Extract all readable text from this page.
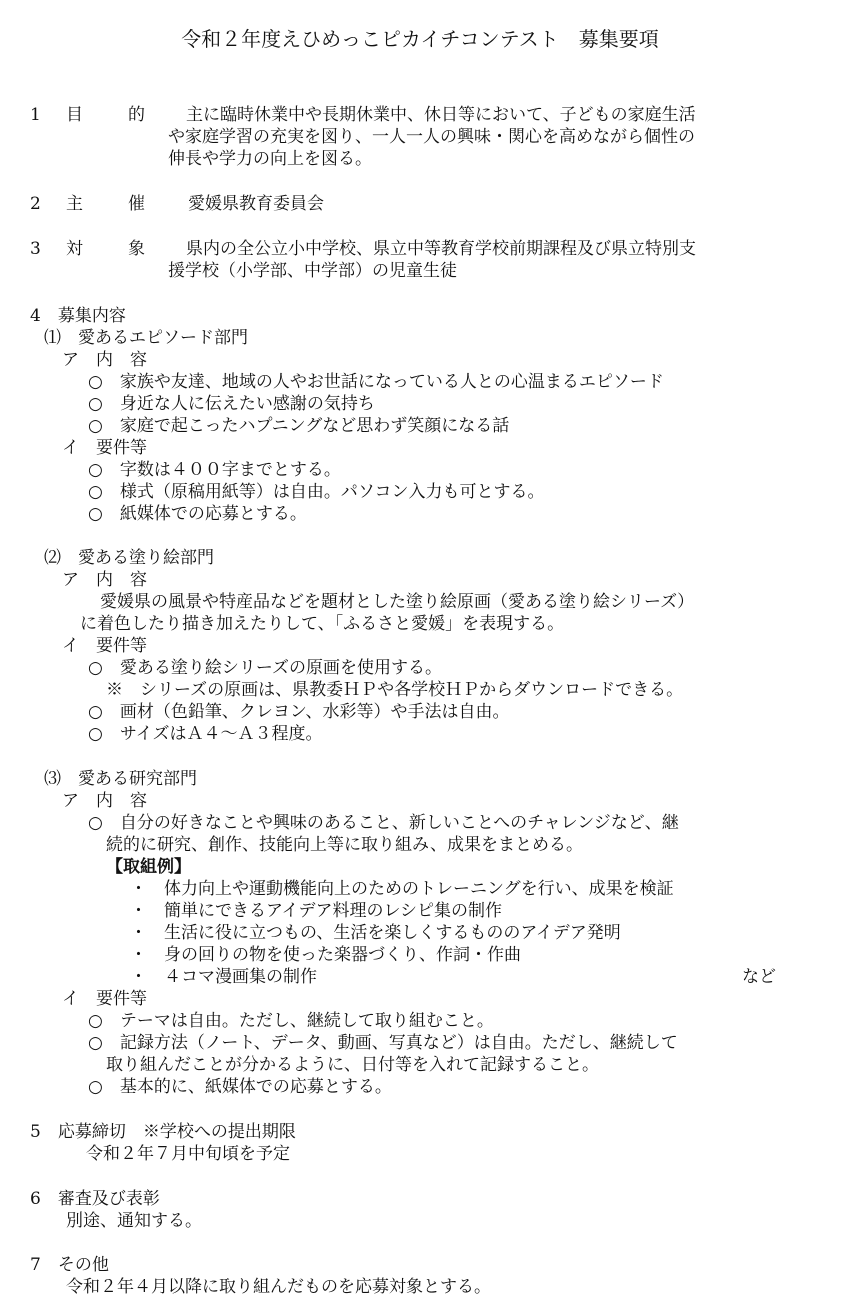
令和２年度えひめっこピカイチコンテスト　募集要項
1 目	的 主に臨時休業中や長期休業中、休日等において、子どもの家庭生活
や家庭学習の充実を図り、一人一人の興味・関心を高めながら個性の
伸長や学力の向上を図る。
2 主	催	愛媛県教育委員会
3 対	象 県内の全公立小中学校、県立中等教育学校前期課程及び県立特別支
援学校（小学部、中学部）の児童生徒
4　募集内容
⑴　愛あるエピソード部門
ア　内　容
○　家族や友達、地域の人やお世話になっている人との心温まるエピソード
○　身近な人に伝えたい感謝の気持ち
○　家庭で起こったハプニングなど思わず笑顔になる話
イ　要件等
○　字数は４００字までとする。
○　様式（原稿用紙等）は自由。パソコン入力も可とする。
○　紙媒体での応募とする。
⑵　愛ある塗り絵部門
ア　内　容
愛媛県の風景や特産品などを題材とした塗り絵原画（愛ある塗り絵シリーズ）
に着色したり描き加えたりして、「ふるさと愛媛」を表現する。
イ　要件等
○　愛ある塗り絵シリーズの原画を使用する。
※　シリーズの原画は、県教委ＨＰや各学校ＨＰからダウンロードできる。
○　画材（色鉛筆、クレヨン、水彩等）や手法は自由。
○　サイズはＡ４～Ａ３程度。
⑶　愛ある研究部門
ア　内　容
○　自分の好きなことや興味のあること、新しいことへのチャレンジなど、継
続的に研究、創作、技能向上等に取り組み、成果をまとめる。
【取組例】
・　体力向上や運動機能向上のためのトレーニングを行い、成果を検証
・　簡単にできるアイデア料理のレシピ集の制作
・　生活に役に立つもの、生活を楽しくするもののアイデア発明
・　身の回りの物を使った楽器づくり、作詞・作曲
・　４コマ漫画集の制作	など
イ　要件等
○　テーマは自由。ただし、継続して取り組むこと。
○　記録方法（ノート、データ、動画、写真など）は自由。ただし、継続して
取り組んだことが分かるように、日付等を入れて記録すること。
○　基本的に、紙媒体での応募とする。
5　応募締切　※学校への提出期限
令和２年７月中旬頃を予定
6　審査及び表彰
別途、通知する。
7　その他
令和２年４月以降に取り組んだものを応募対象とする。
